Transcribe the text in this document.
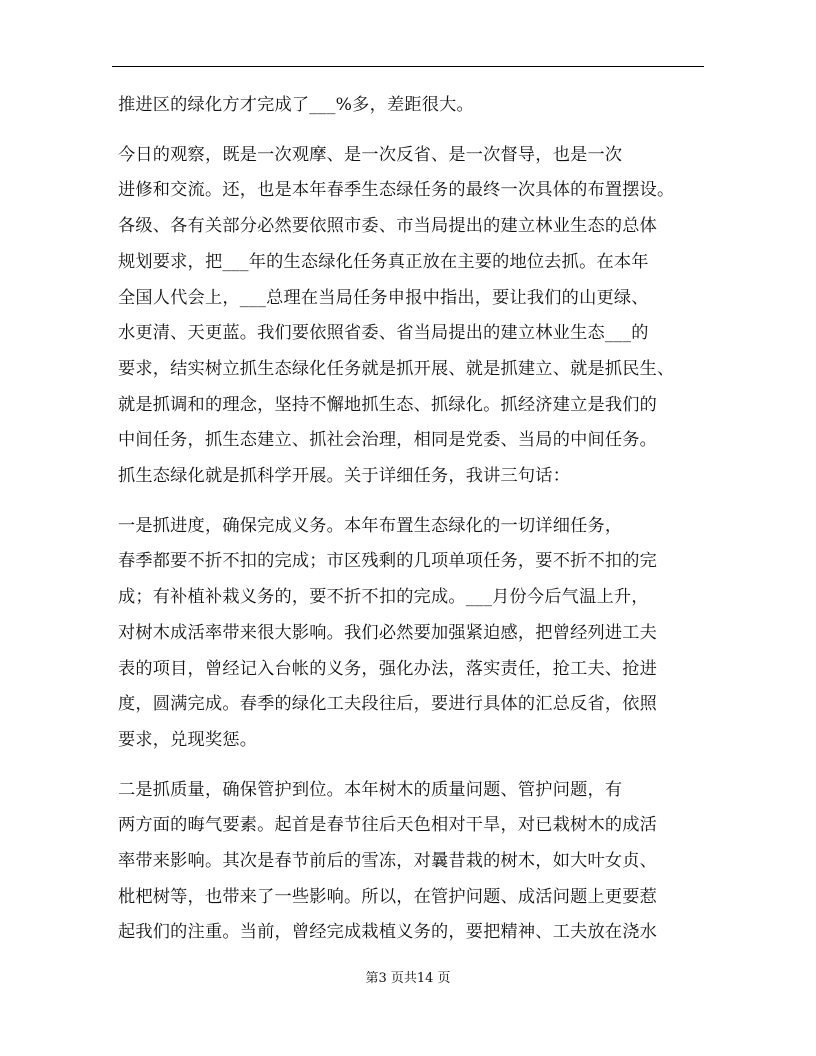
推进区的绿化方才完成了___%多，差距很大。

今日的观察，既是一次观摩、是一次反省、是一次督导，也是一次
进修和交流。还，也是本年春季生态绿任务的最终一次具体的布置摆设。
各级、各有关部分必然要依照市委、市当局提出的建立林业生态的总体
规划要求，把___年的生态绿化任务真正放在主要的地位去抓。在本年
全国人代会上，___总理在当局任务申报中指出，要让我们的山更绿、
水更清、天更蓝。我们要依照省委、省当局提出的建立林业生态___的
要求，结实树立抓生态绿化任务就是抓开展、就是抓建立、就是抓民生、
就是抓调和的理念，坚持不懈地抓生态、抓绿化。抓经济建立是我们的
中间任务，抓生态建立、抓社会治理，相同是党委、当局的中间任务。
抓生态绿化就是抓科学开展。关于详细任务，我讲三句话：

一是抓进度，确保完成义务。本年布置生态绿化的一切详细任务，
春季都要不折不扣的完成；市区残剩的几项单项任务，要不折不扣的完
成；有补植补栽义务的，要不折不扣的完成。___月份今后气温上升，
对树木成活率带来很大影响。我们必然要加强紧迫感，把曾经列进工夫
表的项目，曾经记入台帐的义务，强化办法，落实责任，抢工夫、抢进
度，圆满完成。春季的绿化工夫段往后，要进行具体的汇总反省，依照
要求，兑现奖惩。

二是抓质量，确保管护到位。本年树木的质量问题、管护问题，有
两方面的晦气要素。起首是春节往后天色相对干旱，对已栽树木的成活
率带来影响。其次是春节前后的雪冻，对曩昔栽的树木，如大叶女贞、
枇杷树等，也带来了一些影响。所以，在管护问题、成活问题上更要惹
起我们的注重。当前，曾经完成栽植义务的，要把精神、工夫放在浇水

第3 页共14 页
